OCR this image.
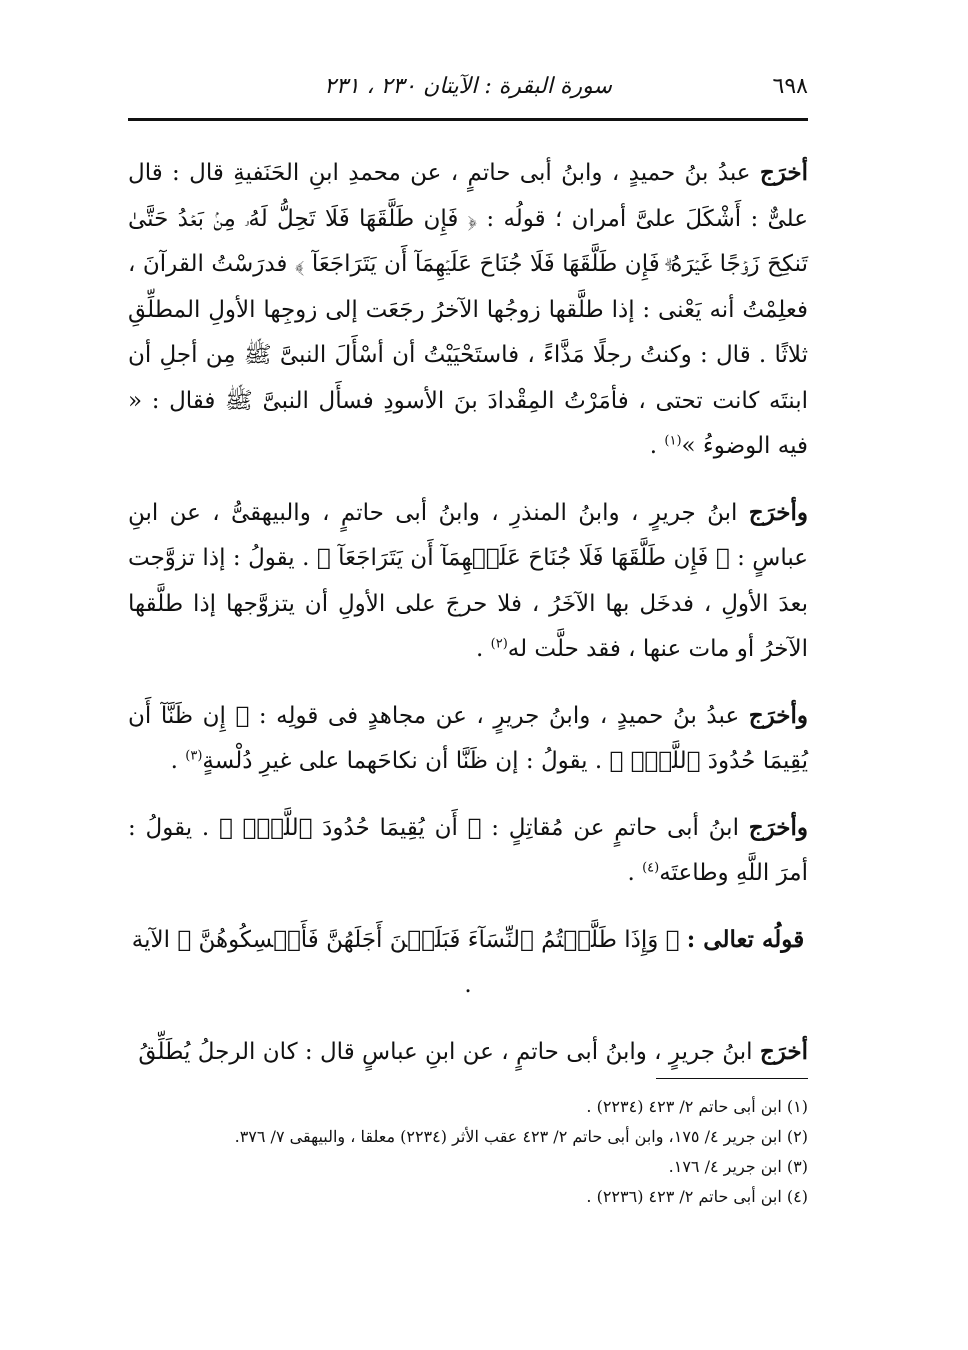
٦٩٨
سورة البقرة : الآيتان ٢٣٠ ، ٢٣١

أخرَج عبدُ بنُ حميدٍ ، وابنُ أبى حاتمٍ ، عن محمدِ ابنِ الحَنَفيةِ قال : قال علىٌّ : أَشْكَلَ علىَّ أمران ؛ قولُه : ﴿ فَإِن طَلَّقَهَا فَلَا تَحِلُّ لَهُۥ مِنۢ بَعۡدُ حَتَّىٰ تَنكِحَ زَوۡجًا غَيۡرَهُۥۗ فَإِن طَلَّقَهَا فَلَا جُنَاحَ عَلَيۡهِمَآ أَن يَتَرَاجَعَآ ﴾ فدرَسْتُ القرآنَ ، فعلِمْتُ أنه يَعْنى : إذا طلَّقها زوجُها الآخرُ رجَعَت إلى زوجِها الأولِ المطلِّقِ ثلاثًا . قال : وكنتُ رجلًا مَذَّاءً ، فاستَحْيَيْتُ أن أسْأَلَ النبىَّ ﷺ مِن أجلِ أن ابنتَه كانت تحتى ، فأمَرْتُ المِقْدادَ بنَ الأسودِ فسأَل النبىَّ ﷺ فقال : « فيه الوضوءُ »$^{(١)}$ .

وأخرَج ابنُ جريرٍ ، وابنُ المنذرِ ، وابنُ أبى حاتمٍ ، والبيهقىُّ ، عن ابنِ عباسٍ : ﴿ فَإِن طَلَّقَهَا فَلَا جُنَاحَ عَلَيۡهِمَآ أَن يَتَرَاجَعَآ ﴾ . يقولُ : إذا تزوَّجت بعدَ الأولِ ، فدخَل بها الآخَرُ ، فلا حرجَ على الأولِ أن يتزوَّجها إذا طلَّقها الآخرُ أو مات عنها ، فقد حلَّت له$^{(٢)}$ .

وأخرَج عبدُ بنُ حميدٍ ، وابنُ جريرٍ ، عن مجاهدٍ فى قولِه : ﴿ إِن ظَنَّآ أَن يُقِيمَا حُدُودَ ٱللَّهِۗ ﴾ . يقولُ : إن ظَنَّا أن نكاحَهما على غيرِ دُلْسةٍ$^{(٣)}$ .

وأخرَج ابنُ أبى حاتمٍ عن مُقاتِلٍ : ﴿ أَن يُقِيمَا حُدُودَ ٱللَّهِۗ ﴾ . يقولُ : أمرَ اللَّهِ وطاعتَه$^{(٤)}$ .

قولُه تعالى : ﴿ وَإِذَا طَلَّقۡتُمُ ٱلنِّسَآءَ فَبَلَغۡنَ أَجَلَهُنَّ فَأَمۡسِكُوهُنَّ ﴾ الآية .

أخرَج ابنُ جريرٍ ، وابنُ أبى حاتمٍ ، عن ابنِ عباسٍ قال : كان الرجلُ يُطَلِّقُ

(١) ابن أبى حاتم ٢/ ٤٢٣ (٢٢٣٤) .
(٢) ابن جرير ٤/ ١٧٥، وابن أبى حاتم ٢/ ٤٢٣ عقب الأثر (٢٢٣٤) معلقا ، والبيهقى ٧/ ٣٧٦.
(٣) ابن جرير ٤/ ١٧٦.
(٤) ابن أبى حاتم ٢/ ٤٢٣ (٢٢٣٦) .
